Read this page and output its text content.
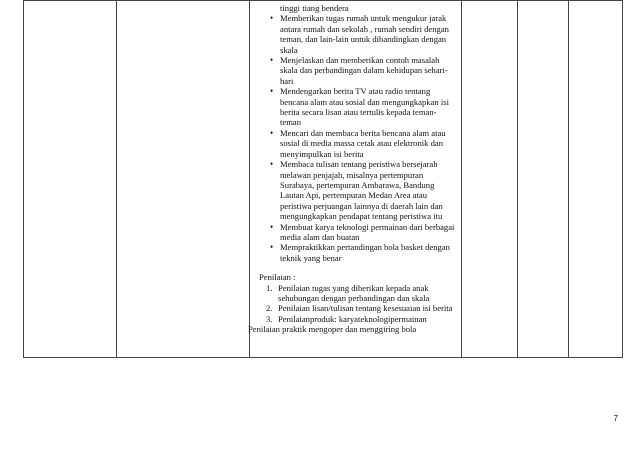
tinggi tiang bendera
• Memberikan tugas rumah untuk mengukur jarak antara rumah dan sekolah , rumah sendiri dengan teman, dan lain-lain untuk dibandingkan dengan skala
• Menjelaskan dan memberikan contoh masalah skala dan perbandingan dalam kehidupan sehari-hari
• Mendengarkan berita TV atau radio tentang bencana alam atau sosial dan mengungkapkan isi berita secara lisan atau tertulis kepada teman-teman
• Mencari dan membaca berita bencana alam atau sosial di media massa cetak atau elektronik dan menyimpulkan isi berita
• Membaca tulisan tentang peristiwa bersejarah melawan penjajah, misalnya pertempuran Surabaya, pertempuran Ambarawa, Bandung Lautan Api, pertempuran Medan Area atau peristiwa perjuangan lainnya di daerah lain dan mengungkapkan pendapat tentang peristiwa itu
• Membuat karya teknologi permainan dari berbagai media alam dan buatan
• Mempraktikkan pertandingan bola basket dengan teknik yang benar
Penilaian :
1. Penilaian tugas yang diberikan kepada anak sehubungan dengan perbandingan dan skala
2. Penilaian lisan/tulisan tentang kesesuaian isi berita
3. Penilaianproduk: karyateknologipermainan
Penilaian praktik mengoper dan menggiring bola

7
